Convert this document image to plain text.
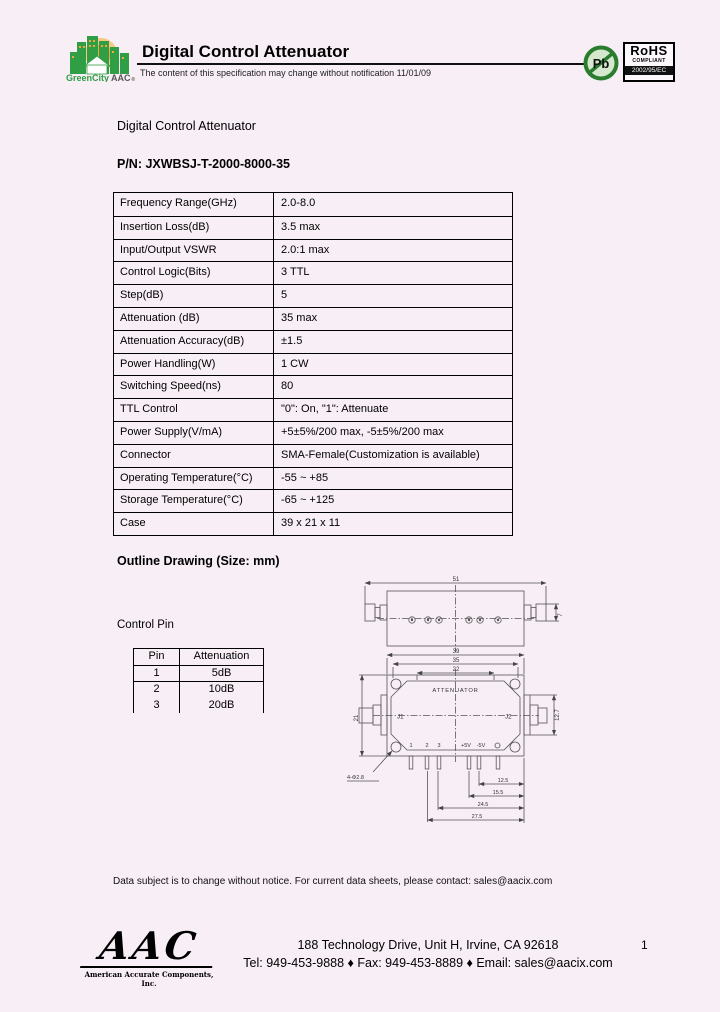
GreenCity AAC®
Digital Control Attenuator
The content of this specification may change without notification 11/01/09
Pb
RoHS
COMPLIANT
2002/95/EC
Digital Control Attenuator
P/N: JXWBSJ-T-2000-8000-35
Frequency Range(GHz)	2.0-8.0
Insertion Loss(dB)	3.5 max
Input/Output VSWR	2.0:1 max
Control Logic(Bits)	3 TTL
Step(dB)	5
Attenuation (dB)	35 max
Attenuation Accuracy(dB)	±1.5
Power Handling(W)	1 CW
Switching Speed(ns)	80
TTL Control	"0": On, "1": Attenuate
Power Supply(V/mA)	+5±5%/200 max, -5±5%/200 max
Connector	SMA-Female(Customization is available)
Operating Temperature(°C)	-55 ~ +85
Storage Temperature(°C)	-65 ~ +125
Case	39 x 21 x 11
Outline Drawing (Size: mm)
Control Pin
Pin	Attenuation
1	5dB
2	10dB
3	20dB
51
7
39
35
22
21	12.7
ATTENUATOR
J1	J2
1 2 3	+5V -5V
4-Φ2.8	12.5
15.5
24.5
27.5
Data subject is to change without notice. For current data sheets, please contact: sales@aacix.com
AAC
American Accurate Components, Inc.
188 Technology Drive, Unit H, Irvine, CA 92618	1
Tel: 949-453-9888 ♦ Fax: 949-453-8889 ♦ Email: sales@aacix.com
